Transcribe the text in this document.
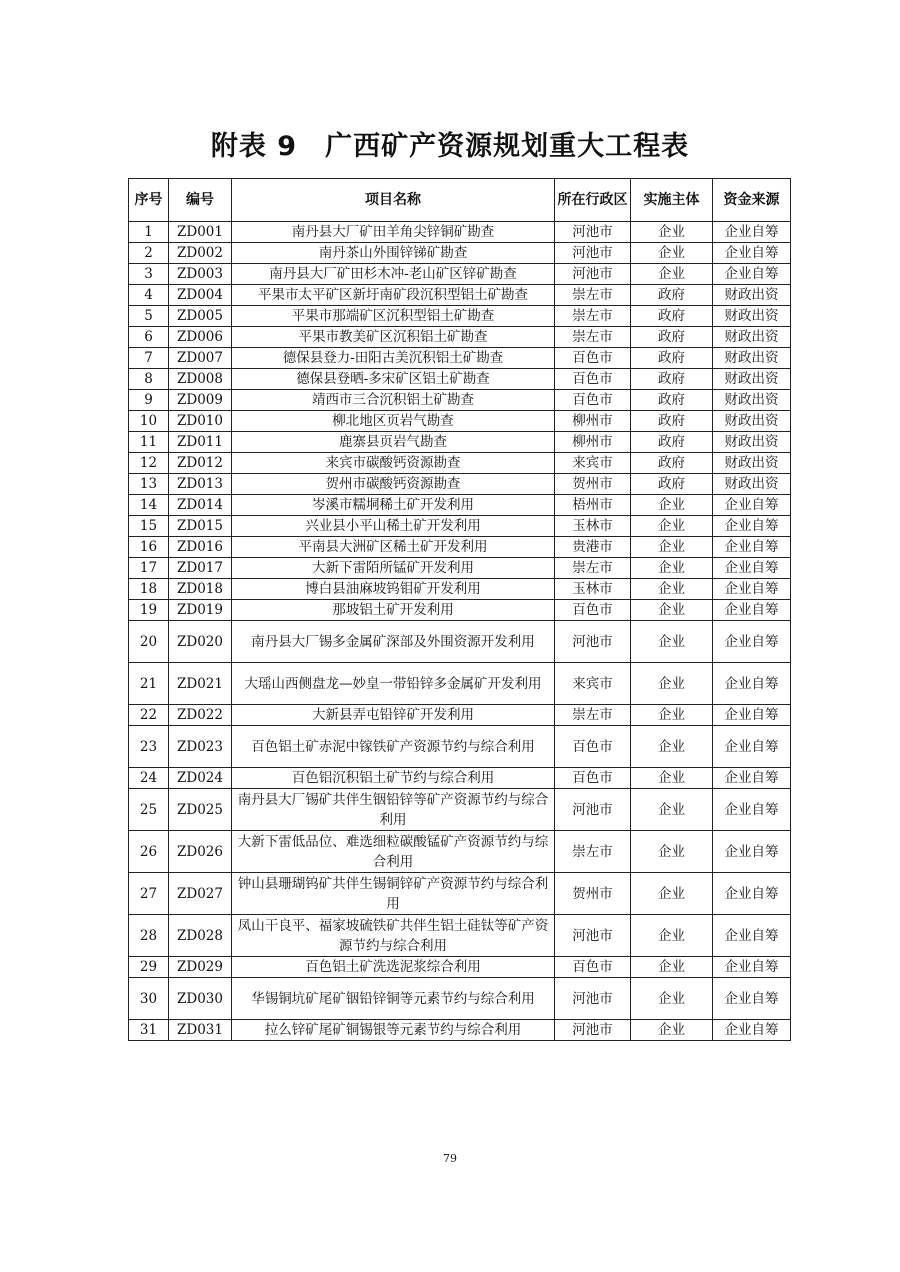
附表 9　广西矿产资源规划重大工程表
序号	编号	项目名称	所在行政区	实施主体	资金来源
1	ZD001	南丹县大厂矿田羊角尖锌铜矿勘查	河池市	企业	企业自筹
2	ZD002	南丹茶山外围锌锑矿勘查	河池市	企业	企业自筹
3	ZD003	南丹县大厂矿田杉木冲-老山矿区锌矿勘查	河池市	企业	企业自筹
4	ZD004	平果市太平矿区新圩南矿段沉积型铝土矿勘查	崇左市	政府	财政出资
5	ZD005	平果市那端矿区沉积型铝土矿勘查	崇左市	政府	财政出资
6	ZD006	平果市教美矿区沉积铝土矿勘查	崇左市	政府	财政出资
7	ZD007	德保县登力-田阳古美沉积铝土矿勘查	百色市	政府	财政出资
8	ZD008	德保县登晒-多宋矿区铝土矿勘查	百色市	政府	财政出资
9	ZD009	靖西市三合沉积铝土矿勘查	百色市	政府	财政出资
10	ZD010	柳北地区页岩气勘查	柳州市	政府	财政出资
11	ZD011	鹿寨县页岩气勘查	柳州市	政府	财政出资
12	ZD012	来宾市碳酸钙资源勘查	来宾市	政府	财政出资
13	ZD013	贺州市碳酸钙资源勘查	贺州市	政府	财政出资
14	ZD014	岑溪市糯垌稀土矿开发利用	梧州市	企业	企业自筹
15	ZD015	兴业县小平山稀土矿开发利用	玉林市	企业	企业自筹
16	ZD016	平南县大洲矿区稀土矿开发利用	贵港市	企业	企业自筹
17	ZD017	大新下雷陌所锰矿开发利用	崇左市	企业	企业自筹
18	ZD018	博白县油麻坡钨钼矿开发利用	玉林市	企业	企业自筹
19	ZD019	那坡铝土矿开发利用	百色市	企业	企业自筹
20	ZD020	南丹县大厂锡多金属矿深部及外围资源开发利用	河池市	企业	企业自筹
21	ZD021	大瑶山西侧盘龙—妙皇一带铅锌多金属矿开发利用	来宾市	企业	企业自筹
22	ZD022	大新县弄屯铅锌矿开发利用	崇左市	企业	企业自筹
23	ZD023	百色铝土矿赤泥中镓铁矿产资源节约与综合利用	百色市	企业	企业自筹
24	ZD024	百色铝沉积铝土矿节约与综合利用	百色市	企业	企业自筹
25	ZD025	南丹县大厂锡矿共伴生铟铅锌等矿产资源节约与综合利用	河池市	企业	企业自筹
26	ZD026	大新下雷低品位、难选细粒碳酸锰矿产资源节约与综合利用	崇左市	企业	企业自筹
27	ZD027	钟山县珊瑚钨矿共伴生锡铜锌矿产资源节约与综合利用	贺州市	企业	企业自筹
28	ZD028	凤山干良平、福家坡硫铁矿共伴生铝土硅钛等矿产资源节约与综合利用	河池市	企业	企业自筹
29	ZD029	百色铝土矿洗选泥浆综合利用	百色市	企业	企业自筹
30	ZD030	华锡铜坑矿尾矿铟铅锌铜等元素节约与综合利用	河池市	企业	企业自筹
31	ZD031	拉么锌矿尾矿铜锡银等元素节约与综合利用	河池市	企业	企业自筹
79
